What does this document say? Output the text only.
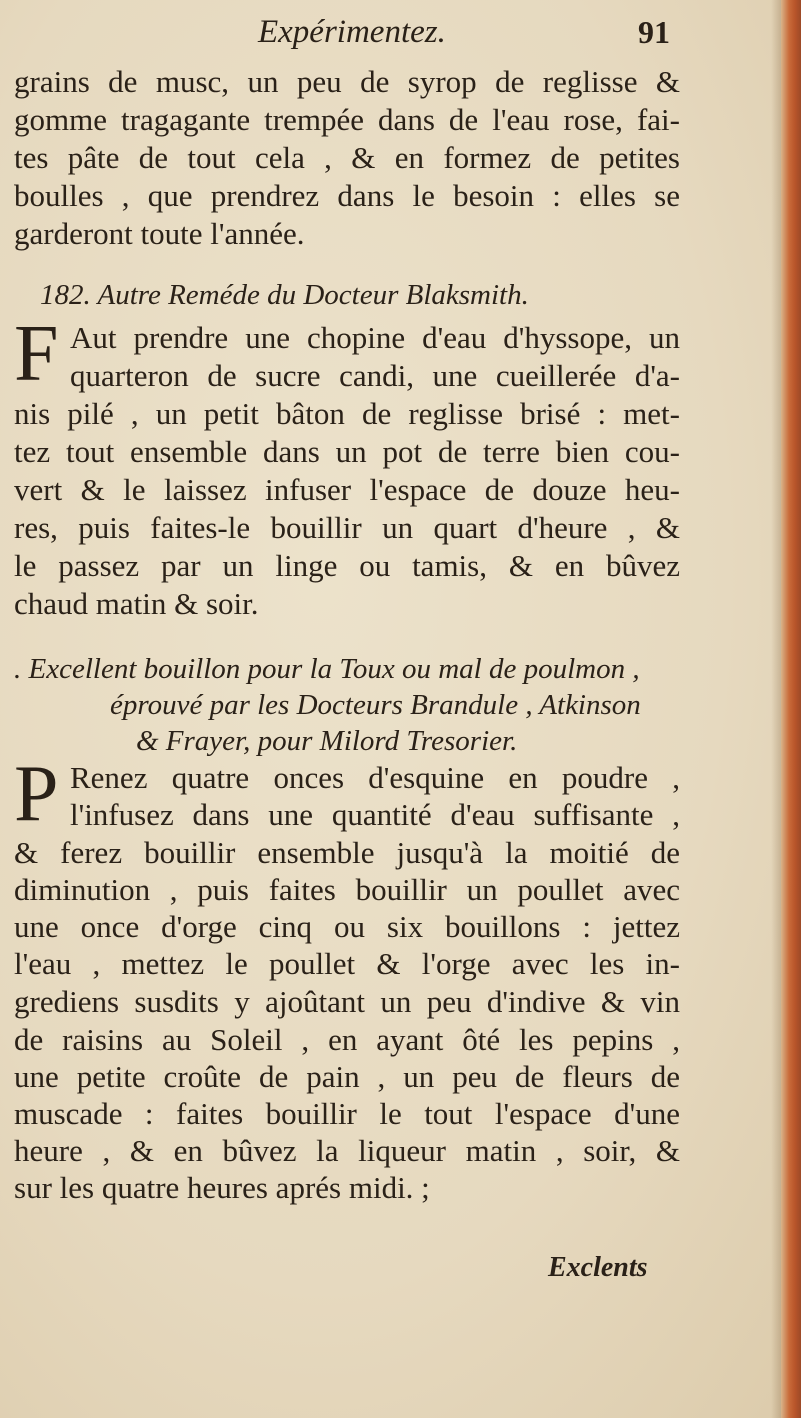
Expérimentez.	91
grains de musc, un peu de syrop de reglisse &
gomme tragagante trempée dans de l'eau rose, fai-
tes pâte de tout cela , & en formez de petites
boulles , que prendrez dans le besoin : elles se
garderont toute l'année.
182. Autre Reméde du Docteur Blaksmith.
F Aut prendre une chopine d'eau d'hyssope, un
quarteron de sucre candi, une cueillerée d'a-
nis pilé , un petit bâton de reglisse brisé : met-
tez tout ensemble dans un pot de terre bien cou-
vert & le laissez infuser l'espace de douze heu-
res, puis faites-le bouillir un quart d'heure , &
le passez par un linge ou tamis, & en bûvez
chaud matin & soir.
. Excellent bouillon pour la Toux ou mal de poulmon ,
éprouvé par les Docteurs Brandule , Atkinson
& Frayer, pour Milord Tresorier.
P Renez quatre onces d'esquine en poudre ,
l'infusez dans une quantité d'eau suffisante ,
& ferez bouillir ensemble jusqu'à la moitié de
diminution , puis faites bouillir un poullet avec
une once d'orge cinq ou six bouillons : jettez
l'eau , mettez le poullet & l'orge avec les in-
grediens susdits y ajoûtant un peu d'indive & vin
de raisins au Soleil , en ayant ôté les pepins ,
une petite croûte de pain , un peu de fleurs de
muscade : faites bouillir le tout l'espace d'une
heure , & en bûvez la liqueur matin , soir, &
sur les quatre heures aprés midi. ;
Exclents
